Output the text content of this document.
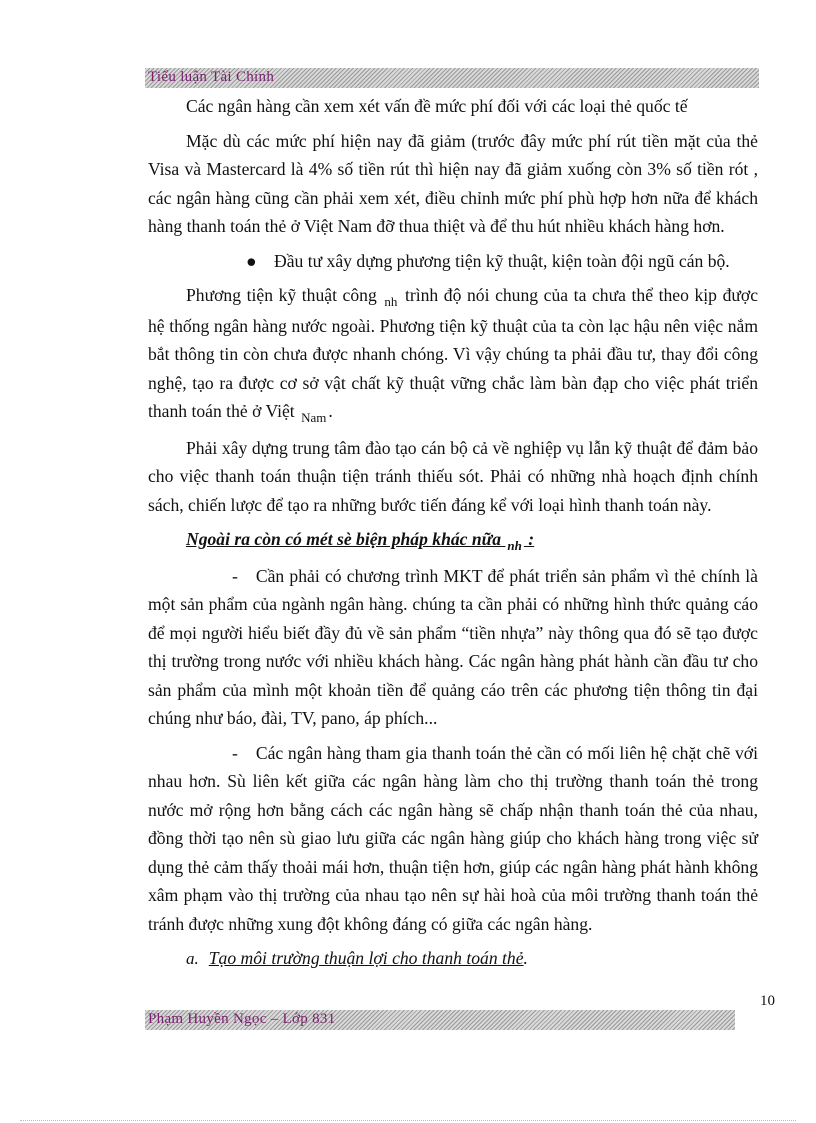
Tiểu luận Tài Chính

Các ngân hàng cần xem xét vấn đề mức phí đối với các loại thẻ quốc tế

Mặc dù các mức phí hiện nay đã giảm (trước đây mức phí rút tiền mặt của thẻ Visa và Mastercard là 4% số tiền rút thì hiện nay đã giảm xuống còn 3% số tiền rót , các ngân hàng cũng cần phải xem xét, điều chỉnh mức phí phù hợp hơn nữa để khách hàng thanh toán thẻ ở Việt Nam đỡ thua thiệt và để thu hút nhiều khách hàng hơn.

● Đầu tư xây dựng phương tiện kỹ thuật, kiện toàn đội ngũ cán bộ.

Phương tiện kỹ thuật công $_{nh}$ trình độ nói chung của ta chưa thể theo kịp được hệ thống ngân hàng nước ngoài. Phương tiện kỹ thuật của ta còn lạc hậu nên việc nắm bắt thông tin còn chưa được nhanh chóng. Vì vậy chúng ta phải đầu tư, thay đổi công nghệ, tạo ra được cơ sở vật chất kỹ thuật vững chắc làm bàn đạp cho việc phát triển thanh toán thẻ ở Việt $_{Nam}$ .

Phải xây dựng trung tâm đào tạo cán bộ cả về nghiệp vụ lẫn kỹ thuật để đảm bảo cho việc thanh toán thuận tiện tránh thiếu sót. Phải có những nhà hoạch định chính sách, chiến lược để tạo ra những bước tiến đáng kể với loại hình thanh toán này.

Ngoài ra còn có mét sè biện pháp khác nữa $_{nh}$ :

- Cần phải có chương trình MKT để phát triển sản phẩm vì thẻ chính là một sản phẩm của ngành ngân hàng. chúng ta cần phải có những hình thức quảng cáo để mọi người hiểu biết đầy đủ về sản phẩm “tiền nhựa” này thông qua đó sẽ tạo được thị trường trong nước với nhiều khách hàng. Các ngân hàng phát hành cần đầu tư cho sản phẩm của mình một khoản tiền để quảng cáo trên các phương tiện thông tin đại chúng như báo, đài, TV, pano, áp phích...

- Các ngân hàng tham gia thanh toán thẻ cần có mối liên hệ chặt chẽ với nhau hơn. Sù liên kết giữa các ngân hàng làm cho thị trường thanh toán thẻ trong nước mở rộng hơn bằng cách các ngân hàng sẽ chấp nhận thanh toán thẻ của nhau, đồng thời tạo nên sù giao lưu giữa các ngân hàng giúp cho khách hàng trong việc sử dụng thẻ cảm thấy thoải mái hơn, thuận tiện hơn, giúp các ngân hàng phát hành không xâm phạm vào thị trường của nhau tạo nên sự hài hoà của môi trường thanh toán thẻ tránh được những xung đột không đáng có giữa các ngân hàng.

a. Tạo môi trường thuận lợi cho thanh toán thẻ.

10
Phạm Huyền Ngọc – Lớp 831
